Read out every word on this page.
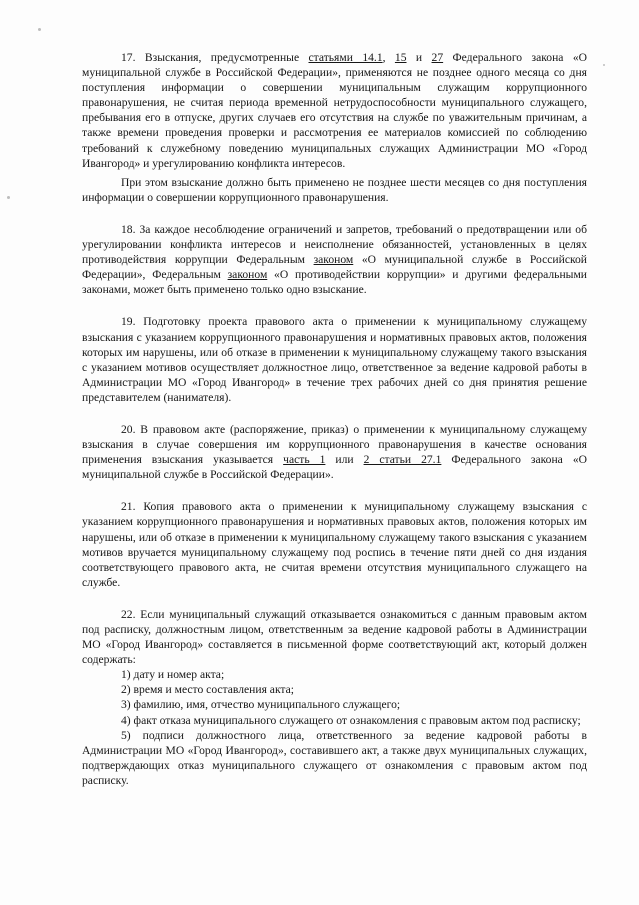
17. Взыскания, предусмотренные статьями 14.1, 15 и 27 Федерального закона «О муниципальной службе в Российской Федерации», применяются не позднее одного месяца со дня поступления информации о совершении муниципальным служащим коррупционного правонарушения, не считая периода временной нетрудоспособности муниципального служащего, пребывания его в отпуске, других случаев его отсутствия на службе по уважительным причинам, а также времени проведения проверки и рассмотрения ее материалов комиссией по соблюдению требований к служебному поведению муниципальных служащих Администрации МО «Город Ивангород» и урегулированию конфликта интересов.

При этом взыскание должно быть применено не позднее шести месяцев со дня поступления информации о совершении коррупционного правонарушения.

18. За каждое несоблюдение ограничений и запретов, требований о предотвращении или об урегулировании конфликта интересов и неисполнение обязанностей, установленных в целях противодействия коррупции Федеральным законом «О муниципальной службе в Российской Федерации», Федеральным законом «О противодействии коррупции» и другими федеральными законами, может быть применено только одно взыскание.

19. Подготовку проекта правового акта о применении к муниципальному служащему взыскания с указанием коррупционного правонарушения и нормативных правовых актов, положения которых им нарушены, или об отказе в применении к муниципальному служащему такого взыскания с указанием мотивов осуществляет должностное лицо, ответственное за ведение кадровой работы в Администрации МО «Город Ивангород» в течение трех рабочих дней со дня принятия решение представителем (нанимателя).

20. В правовом акте (распоряжение, приказ) о применении к муниципальному служащему взыскания в случае совершения им коррупционного правонарушения в качестве основания применения взыскания указывается часть 1 или 2 статьи 27.1 Федерального закона «О муниципальной службе в Российской Федерации».

21. Копия правового акта о применении к муниципальному служащему взыскания с указанием коррупционного правонарушения и нормативных правовых актов, положения которых им нарушены, или об отказе в применении к муниципальному служащему такого взыскания с указанием мотивов вручается муниципальному служащему под роспись в течение пяти дней со дня издания соответствующего правового акта, не считая времени отсутствия муниципального служащего на службе.

22. Если муниципальный служащий отказывается ознакомиться с данным правовым актом под расписку, должностным лицом, ответственным за ведение кадровой работы в Администрации МО «Город Ивангород» составляется в письменной форме соответствующий акт, который должен содержать:

1) дату и номер акта;

2) время и место составления акта;

3) фамилию, имя, отчество муниципального служащего;

4) факт отказа муниципального служащего от ознакомления с правовым актом под расписку;

5) подписи должностного лица, ответственного за ведение кадровой работы в Администрации МО «Город Ивангород», составившего акт, а также двух муниципальных служащих, подтверждающих отказ муниципального служащего от ознакомления с правовым актом под расписку.
